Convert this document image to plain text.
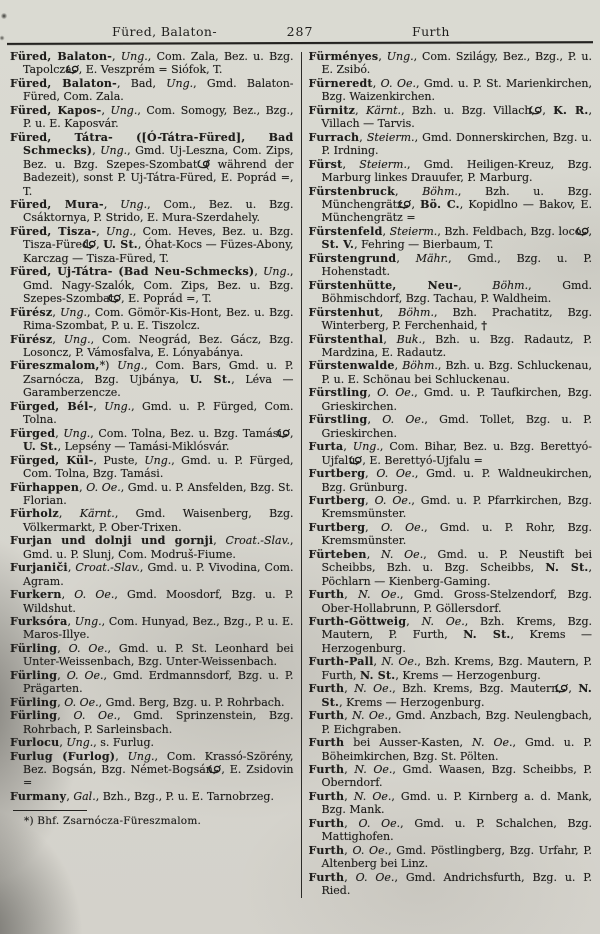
Füred, Balaton-	287	Furth

Füred, Balaton-, Ung., Com. Zala, Bez. u. Bzg. Tapolcza, , E. Veszprém = Siófok, T.

Füred, Balaton-, Bad, Ung., Gmd. Balaton-Füred, Com. Zala.

Füred, Kapos-, Ung., Com. Somogy, Bez., Bzg., P. u. E. Kaposvár.

Füred, Tátra- ([Ó-Tátra-Füred], Bad Schmecks), Ung., Gmd. Uj-Leszna, Com. Zips, Bez. u. Bzg. Szepes-Szombat ( während der Badezeit), sonst P. Uj-Tátra-Füred, E. Poprád =, T.

Füred, Mura-, Ung., Com., Bez. u. Bzg. Csáktornya, P. Strido, E. Mura-Szerdahely.

Füred, Tisza-, Ung., Com. Heves, Bez. u. Bzg. Tisza-Füred, , U. St., Óhat-Kocs — Füzes-Abony, Karczag — Tisza-Füred, T.

Füred, Uj-Tátra- (Bad Neu-Schmecks), Ung., Gmd. Nagy-Szalók, Com. Zips, Bez. u. Bzg. Szepes-Szombat, , E. Poprád =, T.

Fürész, Ung., Com. Gömör-Kis-Hont, Bez. u. Bzg. Rima-Szombat, P. u. E. Tiszolcz.

Fürész, Ung., Com. Neográd, Bez. Gácz, Bzg. Losoncz, P. Vámosfalva, E. Lónyabánya.

Füreszmalom,*) Ung., Com. Bars, Gmd. u. P. Zsarnócza, Bzg. Ujbánya, U. St., Léva — Garamberzencze.

Fürged, Bél-, Ung., Gmd. u. P. Fürged, Com. Tolna.

Fürged, Ung., Com. Tolna, Bez. u. Bzg. Tamási, , U. St., Lepsény — Tamási-Miklósvár.

Fürged, Kül-, Puste, Ung., Gmd. u. P. Fürged, Com. Tolna, Bzg. Tamási.

Fürhappen, O. Oe., Gmd. u. P. Ansfelden, Bzg. St. Florian.

Fürholz, Kärnt., Gmd. Waisenberg, Bzg. Völkermarkt, P. Ober-Trixen.

Furjan und dolnji und gornji, Croat.-Slav., Gmd. u. P. Slunj, Com. Modruš-Fiume.

Furjaniči, Croat.-Slav., Gmd. u. P. Vivodina, Com. Agram.

Furkern, O. Oe., Gmd. Moosdorf, Bzg. u. P. Wildshut.

Furksóra, Ung., Com. Hunyad, Bez., Bzg., P. u. E. Maros-Illye.

Fürling, O. Oe., Gmd. u. P. St. Leonhard bei Unter-Weissenbach, Bzg. Unter-Weissenbach.

Fürling, O. Oe., Gmd. Erdmannsdorf, Bzg. u. P. Prägarten.

Fürling, O. Oe., Gmd. Berg, Bzg. u. P. Rohrbach.

Fürling, O. Oe., Gmd. Sprinzenstein, Bzg. Rohrbach, P. Sarleinsbach.

Furlocu, Ung., s. Furlug.

Furlug (Furlog), Ung., Com. Krassó-Szörény, Bez. Bogsán, Bzg. Német-Bogsán, , E. Zsidovin =

Furmany, Gal., Bzh., Bzg., P. u. E. Tarnobrzeg.

*) Bhf. Zsarnócza-Füreszmalom.

Fürményes, Ung., Com. Szilágy, Bez., Bzg., P. u. E. Zsibó.

Fürneredt, O. Oe., Gmd. u. P. St. Marienkirchen, Bzg. Waizenkirchen.

Fürnitz, Kärnt., Bzh. u. Bzg. Villach, , K. R., Villach — Tarvis.

Furrach, Steierm., Gmd. Donnerskirchen, Bzg. u. P. Irdning.

Fürst, Steierm., Gmd. Heiligen-Kreuz, Bzg. Marburg linkes Drauufer, P. Marburg.

Fürstenbruck, Böhm., Bzh. u. Bzg. Münchengrätz, , Bö. C., Kopidlno — Bakov, E. Münchengrätz =

Fürstenfeld, Steierm., Bzh. Feldbach, Bzg. loco, , St. V., Fehring — Bierbaum, T.

Fürstengrund, Mähr., Gmd., Bzg. u. P. Hohenstadt.

Fürstenhütte, Neu-, Böhm., Gmd. Böhmischdorf, Bzg. Tachau, P. Waldheim.

Fürstenhut, Böhm., Bzh. Prachatitz, Bzg. Winterberg, P. Ferchenhaid, †

Fürstenthal, Buk., Bzh. u. Bzg. Radautz, P. Mardzina, E. Radautz.

Fürstenwalde, Böhm., Bzh. u. Bzg. Schluckenau, P. u. E. Schönau bei Schluckenau.

Fürstling, O. Oe., Gmd. u. P. Taufkirchen, Bzg. Grieskirchen.

Fürstling, O. Oe., Gmd. Tollet, Bzg. u. P. Grieskirchen.

Furta, Ung., Com. Bihar, Bez. u. Bzg. Berettyó-Ujfalu, , E. Berettyó-Ujfalu =

Furtberg, O. Oe., Gmd. u. P. Waldneukirchen, Bzg. Grünburg.

Furtberg, O. Oe., Gmd. u. P. Pfarrkirchen, Bzg. Kremsmünster.

Furtberg, O. Oe., Gmd. u. P. Rohr, Bzg. Kremsmünster.

Fürteben, N. Oe., Gmd. u. P. Neustift bei Scheibbs, Bzh. u. Bzg. Scheibbs, N. St., Pöchlarn — Kienberg-Gaming.

Furth, N. Oe., Gmd. Gross-Stelzendorf, Bzg. Ober-Hollabrunn, P. Göllersdorf.

Furth-Göttweig, N. Oe., Bzh. Krems, Bzg. Mautern, P. Furth, N. St., Krems — Herzogenburg.

Furth-Pall, N. Oe., Bzh. Krems, Bzg. Mautern, P. Furth, N. St., Krems — Herzogenburg.

Furth, N. Oe., Bzh. Krems, Bzg. Mautern, , N. St., Krems — Herzogenburg.

Furth, N. Oe., Gmd. Anzbach, Bzg. Neulengbach, P. Eichgraben.

Furth bei Ausser-Kasten, N. Oe., Gmd. u. P. Böheimkirchen, Bzg. St. Pölten.

Furth, N. Oe., Gmd. Waasen, Bzg. Scheibbs, P. Oberndorf.

Furth, N. Oe., Gmd. u. P. Kirnberg a. d. Mank, Bzg. Mank.

Furth, O. Oe., Gmd. u. P. Schalchen, Bzg. Mattighofen.

Furth, O. Oe., Gmd. Pöstlingberg, Bzg. Urfahr, P. Altenberg bei Linz.

Furth, O. Oe., Gmd. Andrichsfurth, Bzg. u. P. Ried.
